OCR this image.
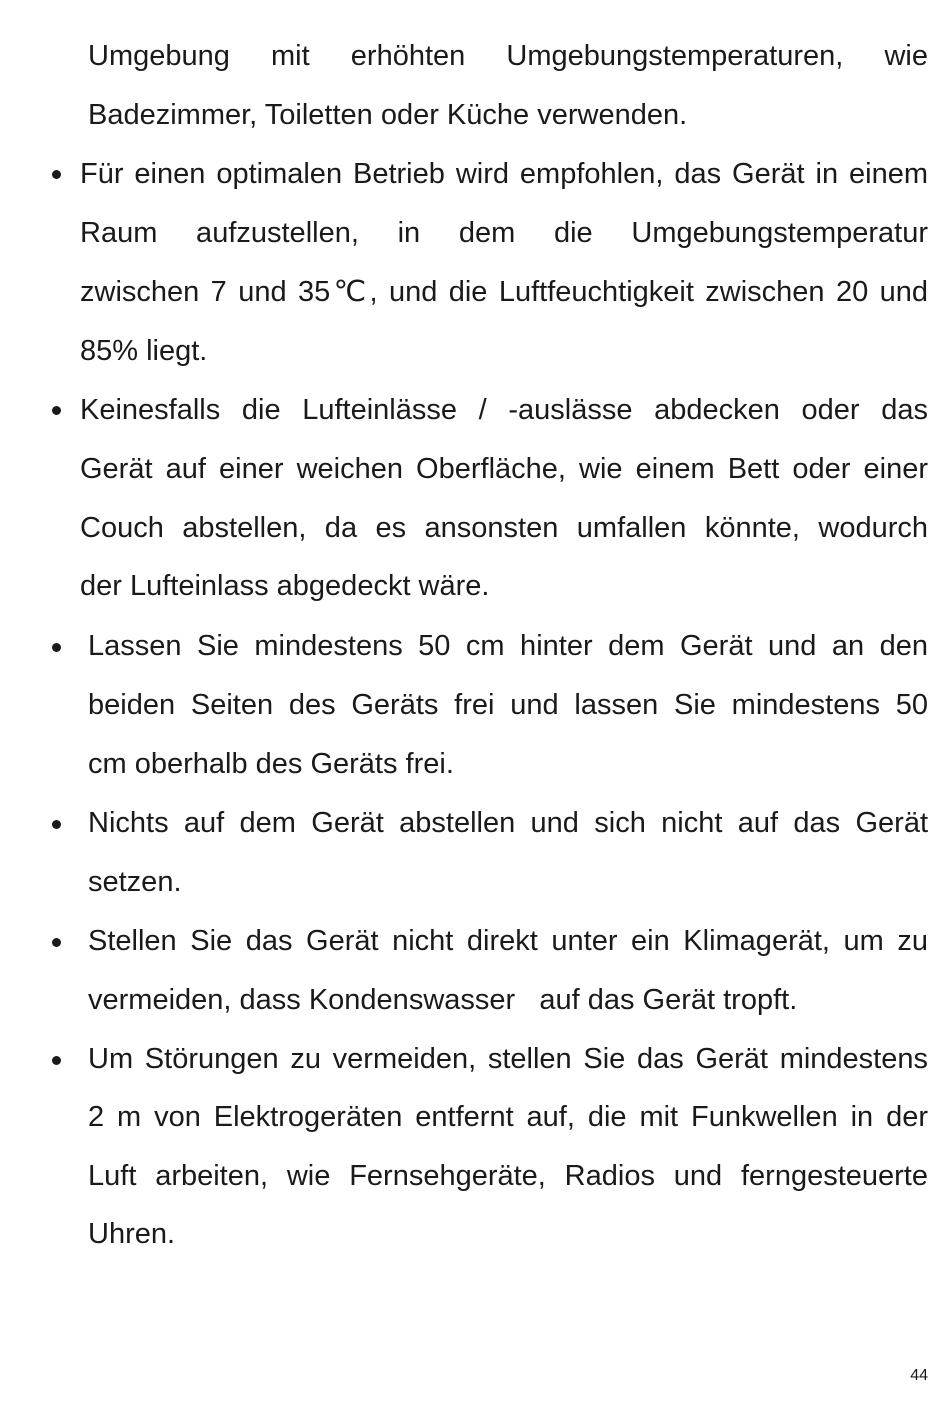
Umgebung mit erhöhten Umgebungstemperaturen, wie
Badezimmer, Toiletten oder Küche verwenden.
Für einen optimalen Betrieb wird empfohlen, das Gerät in einem
Raum aufzustellen, in dem die Umgebungstemperatur
zwischen 7 und 35℃, und die Luftfeuchtigkeit zwischen 20 und
85% liegt.
Keinesfalls die Lufteinlässe / -auslässe abdecken oder das
Gerät auf einer weichen Oberfläche, wie einem Bett oder einer
Couch abstellen, da es ansonsten umfallen könnte, wodurch
der Lufteinlass abgedeckt wäre.
Lassen Sie mindestens 50 cm hinter dem Gerät und an den
beiden Seiten des Geräts frei und lassen Sie mindestens 50
cm oberhalb des Geräts frei.
Nichts auf dem Gerät abstellen und sich nicht auf das Gerät
setzen.
Stellen Sie das Gerät nicht direkt unter ein Klimagerät, um zu
vermeiden, dass Kondenswasser   auf das Gerät tropft.
Um Störungen zu vermeiden, stellen Sie das Gerät mindestens
2 m von Elektrogeräten entfernt auf, die mit Funkwellen in der
Luft arbeiten, wie Fernsehgeräte, Radios und ferngesteuerte
Uhren.
44
